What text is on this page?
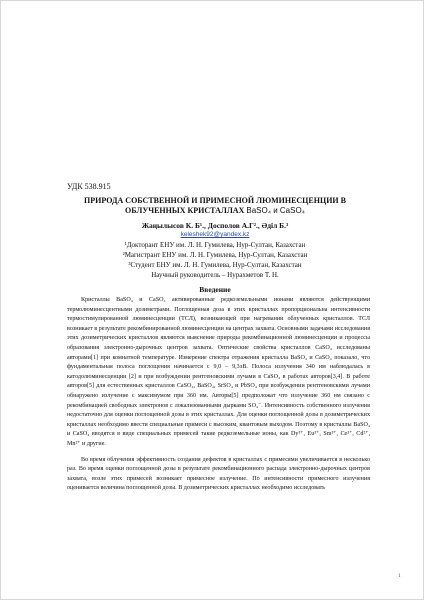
УДК 538.915
ПРИРОДА СОБСТВЕННОЙ И ПРИМЕСНОЙ ЛЮМИНЕСЦЕНЦИИ В
ОБЛУЧЕННЫХ КРИСТАЛЛАХ BaSO₄ и CaSO₄
Жаңылысов К. Б¹., Досполов А.Г²., Әділ Б.³
keleshek92@yandex.kz
¹Докторант ЕНУ им. Л. Н. Гумилева, Нур-Султан, Казахстан
²Магистрант ЕНУ им. Л. Н. Гумилева, Нур-Султан, Казахстан
³Студент ЕНУ им. Л. Н. Гумилева, Нур-Султан, Казахстан
Научный руководитель – Нурахметов Т. Н.
Введение

Кристаллы BaSO₄ и CaSO₄ активированные редкоземельными ионами являются действующими термолюминесцентными дозиметрами. Поглощенная доза в этих кристаллах пропорциональна интенсивности термостимулированной люминесценции (ТСЛ), возникающей при нагревании облученных кристаллов. ТСЛ возникает в результате рекомбинированной люминесценции на центрах захвата. Основными задачами исследования этих дозиметрических кристаллов являются выяснение природы рекомбинационной люминесценции и процессы образования электронно-дырочных центров захвата. Оптические свойства кристаллов CaSO₄ исследованы авторами[1] при комнатной температуре. Измерение спектра отражения кристалла BaSO₄ и CaSO₄ показало, что фундаментальная полоса поглощения начинается с 9,0 – 9,3эВ. Полоса излучения 340 им наблюдалась в катодолюминесценции [2] и при возбуждении рентгеновскими лучами в CaSO₄ в работах авторов[3,4]. В работе авторов[5] для естественных кристаллов CaSO₄, BaSO₄, SrSO₄ и PbSO₄ при возбуждении рентгеновскими лучами обнаружено излучение с максимумом при 360 нм. Авторы[5] предположат что излучение 360 нм связано с рекомбинацией свободных электронов с локализованными дырками SO₄⁻. Интенсивность собственного излучения недостаточно для оценки поглощенной дозы в этих кристаллах. Для оценки поглощенной дозы в дозиметрических кристаллах необходимо ввести специальные примеси с высоким, квантовым выходом. Поэтому в кристаллы BaSO₄ и CaSO₄ вводятся в виде специальных примесей такие редкоземельные ионы, как Dy³⁺, Eu³⁺, Sm³⁺, Ce³⁺, Cd²⁺, Mn²⁺ и другие.

Во время облучения эффективность создания дефектов в кристаллах с примесями увеличивается в несколько раз. Во время оценки поглощенной дозы в результате рекомбинационного распада электронно-дырочных центров захвата, возле этих примесей возникает примесное излучение. По интенсивности примесного излучения оценивается величина поглощенной дозы. В дозиметрических кристаллах необходимо исследовать

1
